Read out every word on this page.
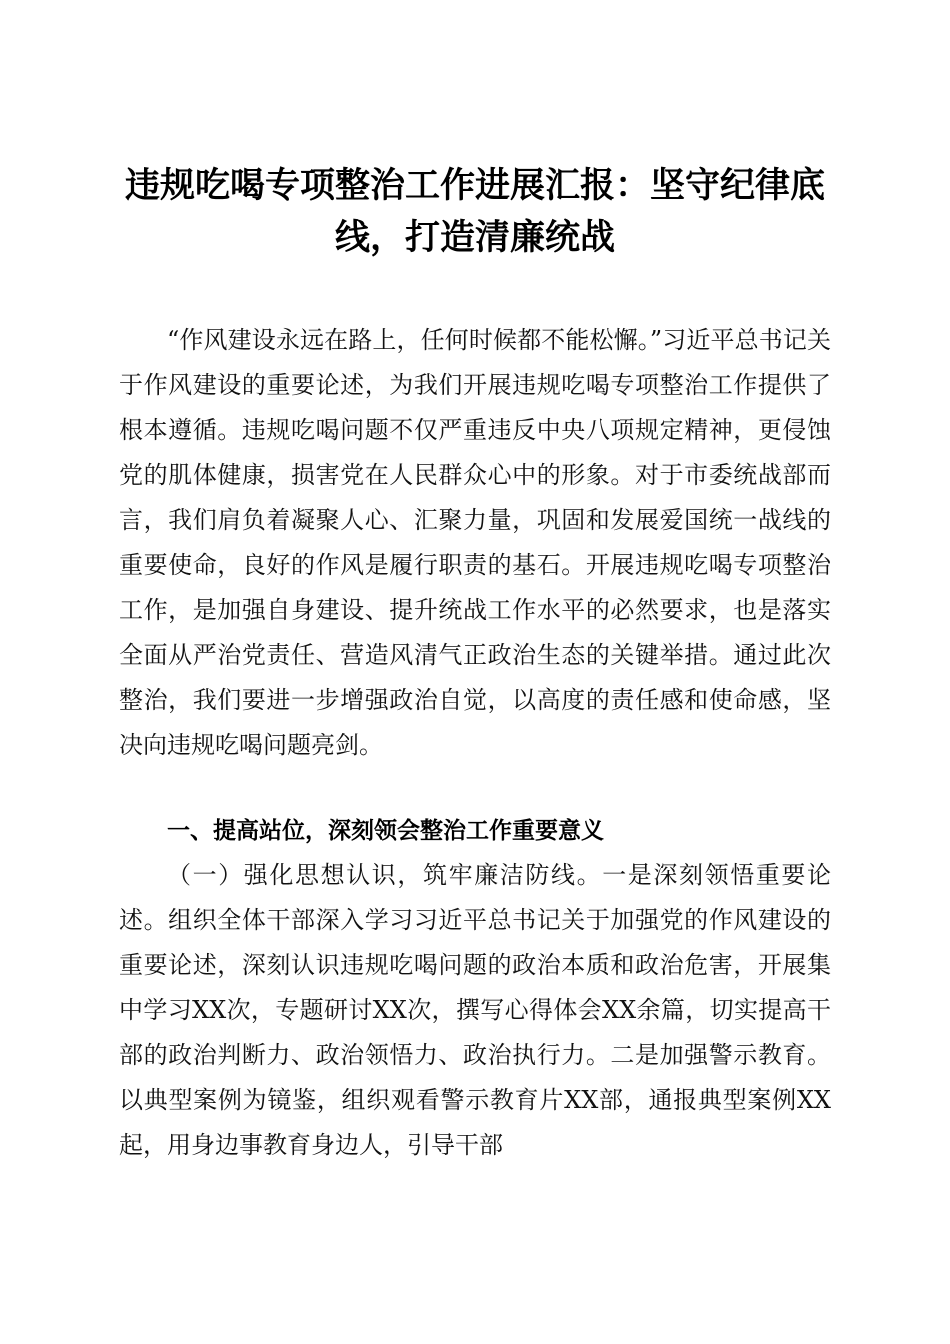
违规吃喝专项整治工作进展汇报：坚守纪律底线，打造清廉统战

“作风建设永远在路上，任何时候都不能松懈。”习近平总书记关于作风建设的重要论述，为我们开展违规吃喝专项整治工作提供了根本遵循。违规吃喝问题不仅严重违反中央八项规定精神，更侵蚀党的肌体健康，损害党在人民群众心中的形象。对于市委统战部而言，我们肩负着凝聚人心、汇聚力量，巩固和发展爱国统一战线的重要使命，良好的作风是履行职责的基石。开展违规吃喝专项整治工作，是加强自身建设、提升统战工作水平的必然要求，也是落实全面从严治党责任、营造风清气正政治生态的关键举措。通过此次整治，我们要进一步增强政治自觉，以高度的责任感和使命感，坚决向违规吃喝问题亮剑。

一、提高站位，深刻领会整治工作重要意义

（一）强化思想认识，筑牢廉洁防线。一是深刻领悟重要论述。组织全体干部深入学习习近平总书记关于加强党的作风建设的重要论述，深刻认识违规吃喝问题的政治本质和政治危害，开展集中学习XX次，专题研讨XX次，撰写心得体会XX余篇，切实提高干部的政治判断力、政治领悟力、政治执行力。二是加强警示教育。以典型案例为镜鉴，组织观看警示教育片XX部，通报典型案例XX起，用身边事教育身边人，引导干部
